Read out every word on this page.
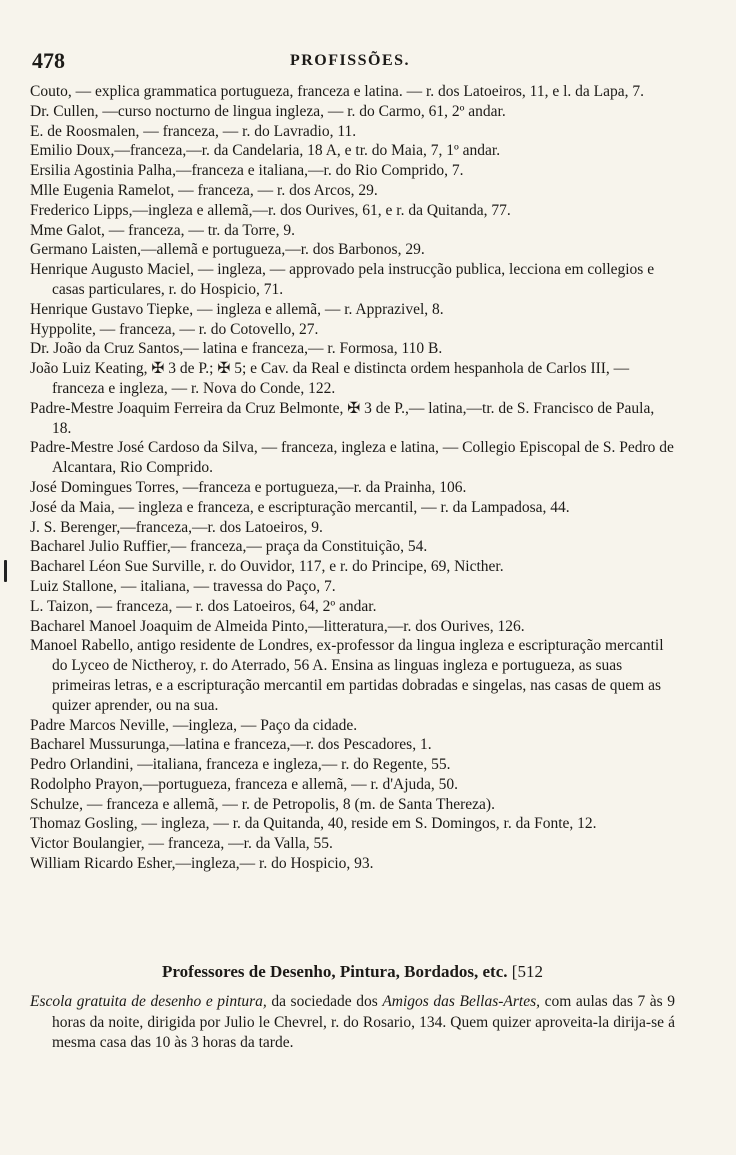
478	PROFISSÕES.

Couto, — explica grammatica portugueza, franceza e latina. — r. dos Latoeiros, 11, e l. da Lapa, 7.

Dr. Cullen, —curso nocturno de lingua ingleza, — r. do Carmo, 61, 2º andar.

E. de Roosmalen, — franceza, — r. do Lavradio, 11.

Emilio Doux,—franceza,—r. da Candelaria, 18 A, e tr. do Maia, 7, 1º andar.

Ersilia Agostinia Palha,—franceza e italiana,—r. do Rio Comprido, 7.

Mlle Eugenia Ramelot, — franceza, — r. dos Arcos, 29.

Frederico Lipps,—ingleza e allemã,—r. dos Ourives, 61, e r. da Quitanda, 77.

Mme Galot, — franceza, — tr. da Torre, 9.

Germano Laisten,—allemã e portugueza,—r. dos Barbonos, 29.

Henrique Augusto Maciel, — ingleza, — approvado pela instrucção publica, lecciona em collegios e casas particulares, r. do Hospicio, 71.

Henrique Gustavo Tiepke, — ingleza e allemã, — r. Apprazivel, 8.

Hyppolite, — franceza, — r. do Cotovello, 27.

Dr. João da Cruz Santos,— latina e franceza,— r. Formosa, 110 B.

João Luiz Keating, ✠ 3 de P.; ✠ 5; e Cav. da Real e distincta ordem hespanhola de Carlos III, — franceza e ingleza, — r. Nova do Conde, 122.

Padre-Mestre Joaquim Ferreira da Cruz Belmonte, ✠ 3 de P.,— latina,—tr. de S. Francisco de Paula, 18.

Padre-Mestre José Cardoso da Silva, — franceza, ingleza e latina, — Collegio Episcopal de S. Pedro de Alcantara, Rio Comprido.

José Domingues Torres, —franceza e portugueza,—r. da Prainha, 106.

José da Maia, — ingleza e franceza, e escripturação mercantil, — r. da Lampadosa, 44.

J. S. Berenger,—franceza,—r. dos Latoeiros, 9.

Bacharel Julio Ruffier,— franceza,— praça da Constituição, 54.

Bacharel Léon Sue Surville, r. do Ouvidor, 117, e r. do Principe, 69, Nicther.

Luiz Stallone, — italiana, — travessa do Paço, 7.

L. Taizon, — franceza, — r. dos Latoeiros, 64, 2º andar.

Bacharel Manoel Joaquim de Almeida Pinto,—litteratura,—r. dos Ourives, 126.

Manoel Rabello, antigo residente de Londres, ex-professor da lingua ingleza e escripturação mercantil do Lyceo de Nictheroy, r. do Aterrado, 56 A. Ensina as linguas ingleza e portugueza, as suas primeiras letras, e a escripturação mercantil em partidas dobradas e singelas, nas casas de quem as quizer aprender, ou na sua.

Padre Marcos Neville, —ingleza, — Paço da cidade.

Bacharel Mussurunga,—latina e franceza,—r. dos Pescadores, 1.

Pedro Orlandini, —italiana, franceza e ingleza,— r. do Regente, 55.

Rodolpho Prayon,—portugueza, franceza e allemã, — r. d'Ajuda, 50.

Schulze, — franceza e allemã, — r. de Petropolis, 8 (m. de Santa Thereza).

Thomaz Gosling, — ingleza, — r. da Quitanda, 40, reside em S. Domingos, r. da Fonte, 12.

Victor Boulangier, — franceza, —r. da Valla, 55.

William Ricardo Esher,—ingleza,— r. do Hospicio, 93.

Professores de Desenho, Pintura, Bordados, etc. [512

Escola gratuita de desenho e pintura, da sociedade dos Amigos das Bellas-Artes, com aulas das 7 às 9 horas da noite, dirigida por Julio le Chevrel, r. do Rosario, 134. Quem quizer aproveita-la dirija-se á mesma casa das 10 às 3 horas da tarde.
